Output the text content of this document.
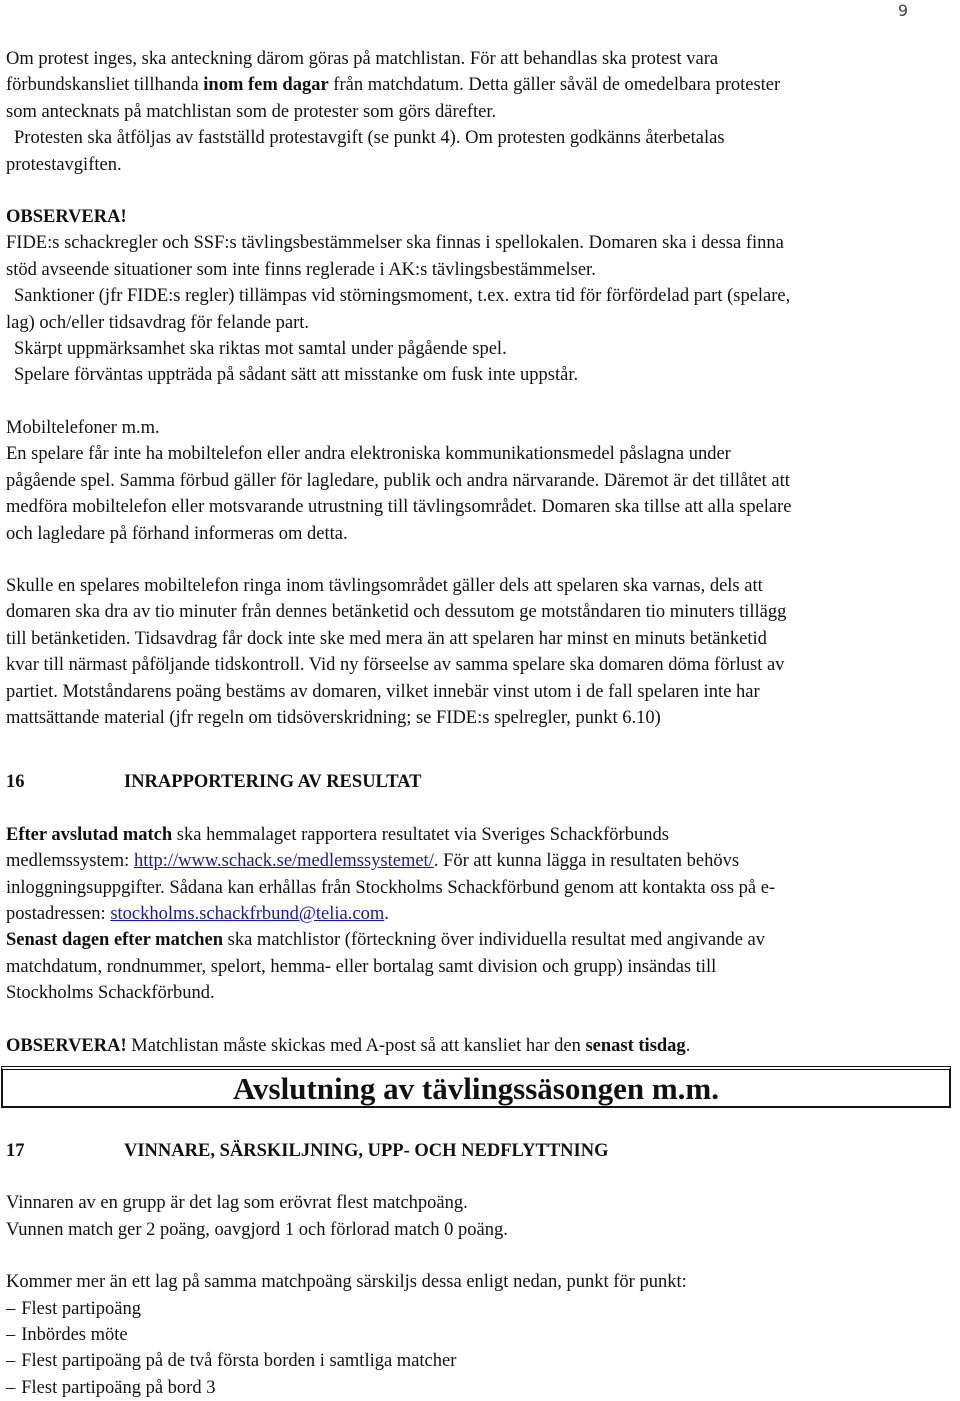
9

Om protest inges, ska anteckning därom göras på matchlistan. För att behandlas ska protest vara

förbundskansliet tillhanda inom fem dagar från matchdatum. Detta gäller såväl de omedelbara protester

som antecknats på matchlistan som de protester som görs därefter.

Protesten ska åtföljas av fastställd protestavgift (se punkt 4). Om protesten godkänns återbetalas

protestavgiften.

OBSERVERA!

FIDE:s schackregler och SSF:s tävlingsbestämmelser ska finnas i spellokalen. Domaren ska i dessa finna

stöd avseende situationer som inte finns reglerade i AK:s tävlingsbestämmelser.

Sanktioner (jfr FIDE:s regler) tillämpas vid störningsmoment, t.ex. extra tid för förfördelad part (spelare,

lag) och/eller tidsavdrag för felande part.

Skärpt uppmärksamhet ska riktas mot samtal under pågående spel.

Spelare förväntas uppträda på sådant sätt att misstanke om fusk inte uppstår.

Mobiltelefoner m.m.

En spelare får inte ha mobiltelefon eller andra elektroniska kommunikationsmedel påslagna under

pågående spel. Samma förbud gäller för lagledare, publik och andra närvarande. Däremot är det tillåtet att

medföra mobiltelefon eller motsvarande utrustning till tävlingsområdet. Domaren ska tillse att alla spelare

och lagledare på förhand informeras om detta.

Skulle en spelares mobiltelefon ringa inom tävlingsområdet gäller dels att spelaren ska varnas, dels att

domaren ska dra av tio minuter från dennes betänketid och dessutom ge motståndaren tio minuters tillägg

till betänketiden. Tidsavdrag får dock inte ske med mera än att spelaren har minst en minuts betänketid

kvar till närmast påföljande tidskontroll. Vid ny förseelse av samma spelare ska domaren döma förlust av

partiet. Motståndarens poäng bestäms av domaren, vilket innebär vinst utom i de fall spelaren inte har

mattsättande material (jfr regeln om tidsöverskridning; se FIDE:s spelregler, punkt 6.10)

16	INRAPPORTERING AV RESULTAT

Efter avslutad match ska hemmalaget rapportera resultatet via Sveriges Schackförbunds

medlemssystem: http://www.schack.se/medlemssystemet/. För att kunna lägga in resultaten behövs

inloggningsuppgifter. Sådana kan erhållas från Stockholms Schackförbund genom att kontakta oss på e-

postadressen: stockholms.schackfrbund@telia.com.

Senast dagen efter matchen ska matchlistor (förteckning över individuella resultat med angivande av

matchdatum, rondnummer, spelort, hemma- eller bortalag samt division och grupp) insändas till

Stockholms Schackförbund.

OBSERVERA! Matchlistan måste skickas med A-post så att kansliet har den senast tisdag.

Avslutning av tävlingssäsongen m.m.

17	VINNARE, SÄRSKILJNING, UPP- OCH NEDFLYTTNING

Vinnaren av en grupp är det lag som erövrat flest matchpoäng.

Vunnen match ger 2 poäng, oavgjord 1 och förlorad match 0 poäng.

Kommer mer än ett lag på samma matchpoäng särskiljs dessa enligt nedan, punkt för punkt:

– Flest partipoäng

– Inbördes möte

– Flest partipoäng på de två första borden i samtliga matcher

– Flest partipoäng på bord 3
